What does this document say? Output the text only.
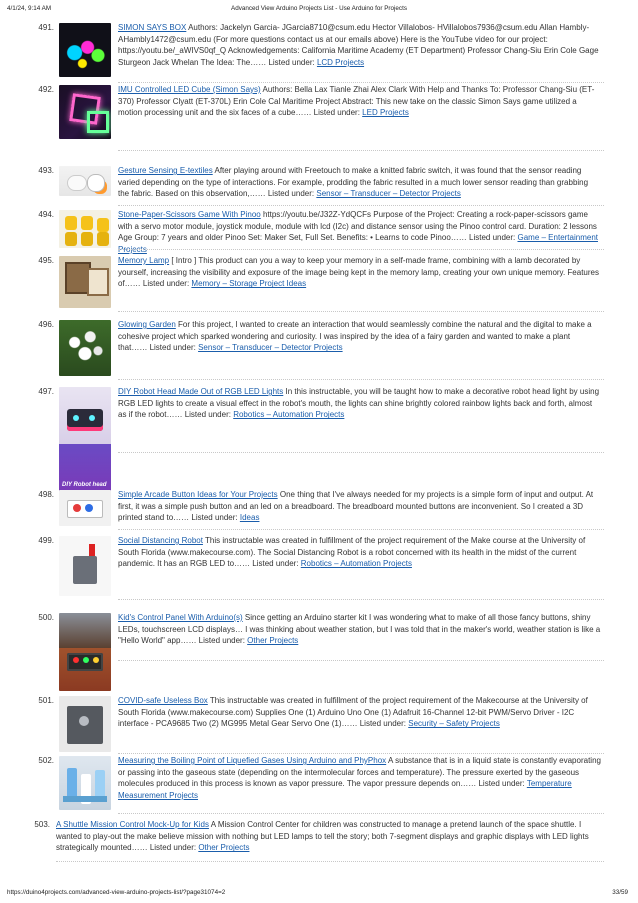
4/1/24, 9:14 AM	Advanced View Arduino Projects List - Use Arduino for Projects
491.	SIMON SAYS BOX Authors: Jackelyn Garcia- JGarcia8710@csum.edu Hector Villalobos- HVillalobos7936@csum.edu Allan Hambly-AHambly1472@csum.edu (For more questions contact us at our emails above) Here is the YouTube video for our project: https://youtu.be/_aWIVS0qf_Q Acknowledgements: California Maritime Academy (ET Department) Professor Chang-Siu Erin Cole Gage Sturgeon Jack Whelan The Idea: The…… Listed under: LCD Projects
492.	IMU Controlled LED Cube (Simon Says) Authors: Bella Lax Tianle Zhai Alex Clark With Help and Thanks To: Professor Chang-Siu (ET-370) Professor Clyatt (ET-370L) Erin Cole Cal Maritime Project Abstract: This new take on the classic Simon Says game utilized a motion processing unit and the six faces of a cube…… Listed under: LED Projects
493.	Gesture Sensing E-textiles After playing around with Freetouch to make a knitted fabric switch, it was found that the sensor reading varied depending on the type of interactions. For example, prodding the fabric resulted in a much lower sensor reading than grabbing the fabric. Based on this observation,…… Listed under: Sensor – Transducer – Detector Projects
494.	Stone-Paper-Scissors Game With Pinoo https://youtu.be/J32Z-YdQCFs Purpose of the Project: Creating a rock-paper-scissors game with a servo motor module, joystick module, module with lcd (I2c) and distance sensor using the Pinoo control card. Duration: 2 lessons Age Group: 7 years and older Pinoo Set: Maker Set, Full Set. Benefits: • Learns to code Pinoo…… Listed under: Game – Entertainment Projects
495.	Memory Lamp [ Intro ] This product can you a way to keep your memory in a self-made frame, combining with a lamb decorated by yourself, increasing the visibility and exposure of the image being kept in the memory lamp, creating your own unique memory. Features of…… Listed under: Memory – Storage Project Ideas
496.	Glowing Garden For this project, I wanted to create an interaction that would seamlessly combine the natural and the digital to make a cohesive project which sparked wondering and curiosity. I was inspired by the idea of a fairy garden and wanted to make a plant that…… Listed under: Sensor – Transducer – Detector Projects
497.
DIY Robot head
DIY Robot Head Made Out of RGB LED Lights In this instructable, you will be taught how to make a decorative robot head light by using RGB LED lights to create a visual effect in the robot's mouth, the lights can shine brightly colored rainbow lights back and forth, almost as if the robot…… Listed under: Robotics – Automation Projects
498.	Simple Arcade Button Ideas for Your Projects One thing that I've always needed for my projects is a simple form of input and output. At first, it was a simple push button and an led on a breadboard. The breadboard mounted buttons are inconvenient. So I created a 3D printed stand to…… Listed under: Ideas
499.	Social Distancing Robot This instructable was created in fulfillment of the project requirement of the Make course at the University of South Florida (www.makecourse.com). The Social Distancing Robot is a robot concerned with its health in the midst of the current pandemic. It has an RGB LED to…… Listed under: Robotics – Automation Projects
500.	Kid's Control Panel With Arduino(s) Since getting an Arduino starter kit I was wondering what to make of all those fancy buttons, shiny LEDs, touchscreen LCD displays… I was thinking about weather station, but I was told that in the maker's world, weather station is like a "Hello World" app…… Listed under: Other Projects
501.	COVID-safe Useless Box This instructable was created in fulfillment of the project requirement of the Makecourse at the University of South Florida (www.makecourse.com) Supplies One (1) Arduino Uno One (1) Adafruit 16-Channel 12-bit PWM/Servo Driver - I2C interface - PCA9685 Two (2) MG995 Metal Gear Servo One (1)…… Listed under: Security – Safety Projects
502.	Measuring the Boiling Point of Liquefied Gases Using Arduino and PhyPhox A substance that is in a liquid state is constantly evaporating or passing into the gaseous state (depending on the intermolecular forces and temperature). The pressure exerted by the gaseous molecules produced in this process is known as vapor pressure. The vapor pressure depends on…… Listed under: Temperature Measurement Projects
503. A Shuttle Mission Control Mock-Up for Kids A Mission Control Center for children was constructed to manage a pretend launch of the space shuttle. I wanted to play-out the make believe mission with nothing but LED lamps to tell the story; both 7-segment displays and graphic displays with LED lights strategically mounted…… Listed under: Other Projects
https://duino4projects.com/advanced-view-arduino-projects-list/?page31074=2	33/59
